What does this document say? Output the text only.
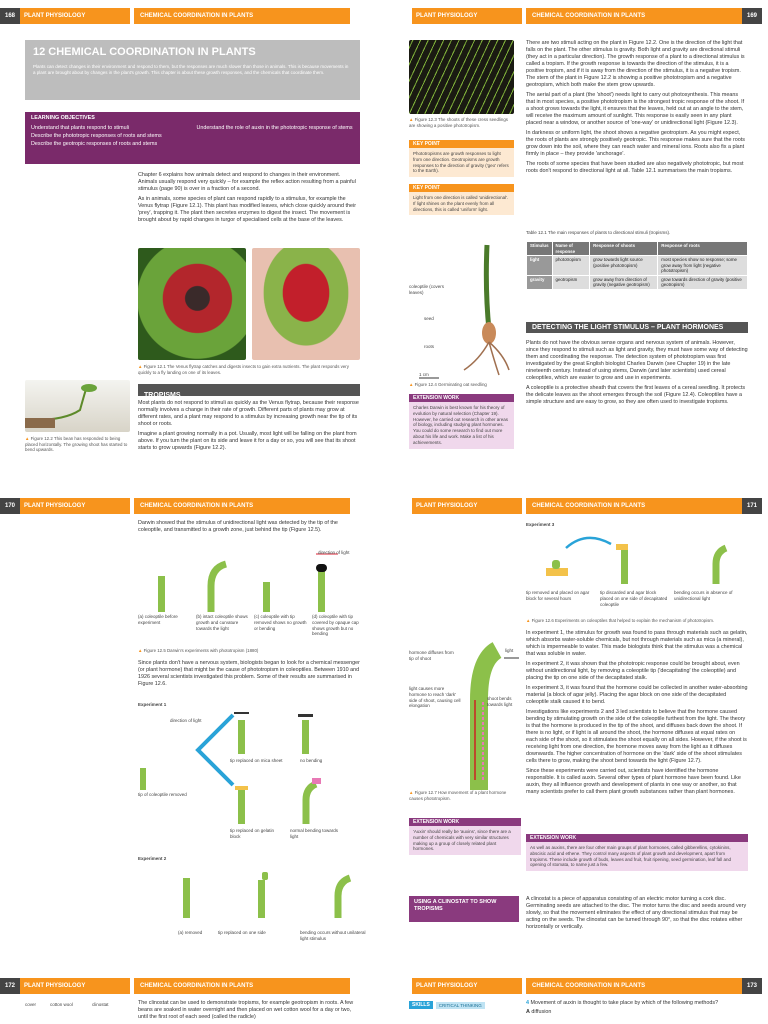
168	PLANT PHYSIOLOGY	CHEMICAL COORDINATION IN PLANTS
12 CHEMICAL COORDINATION IN PLANTS
Plants can detect changes in their environment and respond to them, but the responses are much slower than those in animals. This is because movements in a plant are brought about by changes in the plant's growth. This chapter is about these growth responses, and the chemicals that coordinate them.
LEARNING OBJECTIVES
Understand that plants respond to stimuli	Understand the role of auxin in the phototropic response of stems
Describe the phototropic responses of roots and stems
Describe the geotropic responses of roots and stems

Chapter 6 explains how animals detect and respond to changes in their environment. Animals usually respond very quickly – for example the reflex action resulting from a painful stimulus (page 90) is over in a fraction of a second.

As in animals, some species of plant can respond rapidly to a stimulus, for example the Venus flytrap (Figure 12.1). This plant has modified leaves, which close quickly around their 'prey', trapping it. The plant then secretes enzymes to digest the insect. The movement is brought about by rapid changes in turgor of specialised cells at the base of the leaves.

▲ Figure 12.1 The Venus flytrap catches and digests insects to gain extra nutrients. The plant responds very quickly to a fly landing on one of its leaves.
TROPISMS

Most plants do not respond to stimuli as quickly as the Venus flytrap, because their response normally involves a change in their rate of growth. Different parts of plants may grow at different rates, and a plant may respond to a stimulus by increasing growth near the tip of its shoot or roots.

Imagine a plant growing normally in a pot. Usually, most light will be falling on the plant from above. If you turn the plant on its side and leave it for a day or so, you will see that its shoot starts to grow upwards (Figure 12.2).

▲ Figure 12.2 This bean has responded to being placed horizontally. The growing shoot has started to bend upwards.
PLANT PHYSIOLOGY	CHEMICAL COORDINATION IN PLANTS	169
▲ Figure 12.3 The shoots of these cress seedlings are showing a positive phototropism.
KEY POINT
Phototropisms are growth responses to light from one direction. Geotropisms are growth responses to the direction of gravity ('geo' refers to the Earth).
KEY POINT
Light from one direction is called 'unidirectional'. If light shines on the plant evenly from all directions, this is called 'uniform' light.
coleoptile (covers leaves)
seed
roots
1 cm
▲ Figure 12.4 Germinating oat seedling
EXTENSION WORK
Charles Darwin is best known for his theory of evolution by natural selection (Chapter 19). However, he carried out research in other areas of biology, including studying plant hormones. You could do some research to find out more about his life and work. Make a list of his achievements.

There are two stimuli acting on the plant in Figure 12.2. One is the direction of the light that falls on the plant. The other stimulus is gravity. Both light and gravity are directional stimuli (they act in a particular direction). The growth response of a plant to a directional stimulus is called a tropism. If the growth response is towards the direction of the stimulus, it is a positive tropism, and if it is away from the direction of the stimulus, it is a negative tropism. The stem of the plant in Figure 12.2 is showing a positive phototropism and a negative geotropism, which both make the stem grow upwards.

The aerial part of a plant (the 'shoot') needs light to carry out photosynthesis. This means that in most species, a positive phototropism is the strongest tropic response of the shoot. If a shoot grows towards the light, it ensures that the leaves, held out at an angle to the stem, will receive the maximum amount of sunlight. This response is easily seen in any plant placed near a window, or another source of 'one-way' or unidirectional light (Figure 12.3).

In darkness or uniform light, the shoot shows a negative geotropism. As you might expect, the roots of plants are strongly positively geotropic. This response makes sure that the roots grow down into the soil, where they can reach water and mineral ions. Roots also fix a plant firmly in place – they provide 'anchorage'.

The roots of some species that have been studied are also negatively phototropic, but most roots don't respond to directional light at all. Table 12.1 summarises the main tropisms.

Table 12.1 The main responses of plants to directional stimuli (tropisms).
Stimulus	Name of response	Response of shoots	Response of roots
light	phototropism	grow towards light source (positive phototropism)	most species show no response; some grow away from light (negative phototropism)
gravity	geotropism	grow away from direction of gravity (negative geotropism)	grow towards direction of gravity (positive geotropism)
DETECTING THE LIGHT STIMULUS – PLANT HORMONES

Plants do not have the obvious sense organs and nervous system of animals. However, since they respond to stimuli such as light and gravity, they must have some way of detecting them and coordinating the response. The detection system of phototropism was first investigated by the great English biologist Charles Darwin (see Chapter 19) in the late nineteenth century. Instead of using stems, Darwin (and later scientists) used cereal coleoptiles, which are easier to grow and use in experiments.

A coleoptile is a protective sheath that covers the first leaves of a cereal seedling. It protects the delicate leaves as the shoot emerges through the soil (Figure 12.4). Coleoptiles have a simple structure and are easy to grow, so they are often used to investigate tropisms.

170	PLANT PHYSIOLOGY	CHEMICAL COORDINATION IN PLANTS

Darwin showed that the stimulus of unidirectional light was detected by the tip of the coleoptile, and transmitted to a growth zone, just behind the tip (Figure 12.5).

direction of light
(a) coleoptile before experiment
(b) intact coleoptile shows growth and curvature towards the light
(c) coleoptile with tip removed shows no growth or bending
(d) coleoptile with tip covered by opaque cap shows growth but no bending
▲ Figure 12.5 Darwin's experiments with phototropism (1880)

Since plants don't have a nervous system, biologists began to look for a chemical messenger (or plant hormone) that might be the cause of phototropism in coleoptiles. Between 1910 and 1926 several scientists investigated this problem. Some of their results are summarised in Figure 12.6.

Experiment 1
direction of light
tip replaced on mica sheet	no bending
tip of coleoptile removed
tip replaced on gelatin block
normal bending towards light
Experiment 2
(a) removed	tip replaced on one side	bending occurs without unilateral light stimulus
PLANT PHYSIOLOGY	CHEMICAL COORDINATION IN PLANTS	171
Experiment 3
tip removed and placed on agar block for several hours
tip discarded and agar block placed on one side of decapitated coleoptile
bending occurs in absence of unidirectional light
▲ Figure 12.6 Experiments on coleoptiles that helped to explain the mechanism of phototropism.

In experiment 1, the stimulus for growth was found to pass through materials such as gelatin, which absorbs water-soluble chemicals, but not through materials such as mica (a mineral), which is impermeable to water. This made biologists think that the stimulus was a chemical that was soluble in water.

In experiment 2, it was shown that the phototropic response could be brought about, even without unidirectional light, by removing a coleoptile tip ('decapitating' the coleoptile) and placing the tip on one side of the decapitated stalk.

In experiment 3, it was found that the hormone could be collected in another water-absorbing material (a block of agar jelly). Placing the agar block on one side of the decapitated coleoptile stalk caused it to bend.

Investigations like experiments 2 and 3 led scientists to believe that the hormone caused bending by stimulating growth on the side of the coleoptile furthest from the light. The theory is that the hormone is produced in the tip of the shoot, and diffuses back down the shoot. If there is no light, or if light is all around the shoot, the hormone diffuses at equal rates on each side of the shoot, so it stimulates the shoot equally on all sides. However, if the shoot is receiving light from one direction, the hormone moves away from the light as it diffuses downwards. The higher concentration of hormone on the 'dark' side of the shoot stimulates cells there to grow, making the shoot bend towards the light (Figure 12.7).

Since these experiments were carried out, scientists have identified the hormone responsible. It is called auxin. Several other types of plant hormone have been found. Like auxin, they all influence growth and development of plants in one way or another, so that many scientists prefer to call them plant growth substances rather than plant hormones.

EXTENSION WORK
As well as auxins, there are four other main groups of plant hormones, called gibberellins, cytokinins, abscisic acid and ethene. They control many aspects of plant growth and development, apart from tropisms. These include growth of buds, leaves and fruit, fruit ripening, seed germination, leaf fall and opening of stomata, to name just a few.
USING A CLINOSTAT TO SHOW TROPISMS

A clinostat is a piece of apparatus consisting of an electric motor turning a cork disc. Germinating seeds are attached to the disc. The motor turns the disc and seeds around very slowly, so that the movement eliminates the effect of any directional stimulus that may be acting on the seeds. The clinostat can be turned through 90°, so that the disc rotates either horizontally or vertically.

172	PLANT PHYSIOLOGY	CHEMICAL COORDINATION IN PLANTS
cover	cotton wool	clinostat	The clinostat can be used to demonstrate tropisms, for example geotropism in roots. A few beans are soaked in water overnight and then placed on wet cotton wool for a day or two, until the first root of each seed (called the radicle)

PLANT PHYSIOLOGY	CHEMICAL COORDINATION IN PLANTS	173
SKILLS	CRITICAL THINKING	4 Movement of auxin is thought to take place by which of the following methods?

A diffusion

hormone diffuses from tip of shoot
light causes more hormone to reach 'dark' side of shoot, causing cell elongation
shoot bends towards light
light
▲ Figure 12.7 How movement of a plant hormone causes phototropism.
EXTENSION WORK
'Auxin' should really be 'auxins', since there are a number of chemicals with very similar structures making up a group of closely related plant hormones.
